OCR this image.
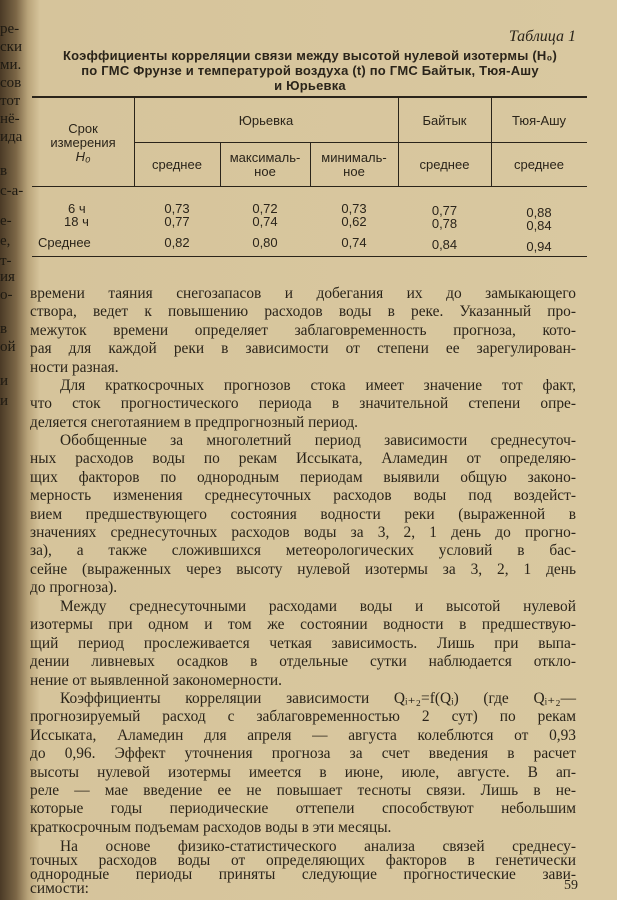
ре-
ски
ми.
сов
тот
нё-
ида
в
с-а-
е-
е,
т-
ия
о-
в
ой
и
и
Таблица 1
Коэффициенты корреляции связи между высотой нулевой изотермы (H₀)
по ГМС Фрунзе и температурой воздуха (t) по ГМС Байтык, Тюя-Ашу
и Юрьевка
Срок
измерения
H₀
Юрьевка	Байтык	Тюя-Ашу
среднее	максималь-
ное
минималь-
ное	среднее	среднее
6 ч	0,73	0,72	0,73	0,77	0,88
18 ч	0,77	0,74	0,62	0,78	0,84
Среднее	0,82	0,80	0,74	0,84	0,94
времени таяния снегозапасов и добегания их до замыкающего
створа, ведет к повышению расходов воды в реке. Указанный про-
межуток времени определяет заблаговременность прогноза, кото-
рая для каждой реки в зависимости от степени ее зарегулирован-
ности разная.
Для краткосрочных прогнозов стока имеет значение тот факт,
что сток прогностического периода в значительной степени опре-
деляется снеготаянием в предпрогнозный период.
Обобщенные за многолетний период зависимости среднесуточ-
ных расходов воды по рекам Иссыката, Аламедин от определяю-
щих факторов по однородным периодам выявили общую законо-
мерность изменения среднесуточных расходов воды под воздейст-
вием предшествующего состояния водности реки (выраженной в
значениях среднесуточных расходов воды за 3, 2, 1 день до прогно-
за), а также сложившихся метеорологических условий в бас-
сейне (выраженных через высоту нулевой изотермы за 3, 2, 1 день
до прогноза).
Между среднесуточными расходами воды и высотой нулевой
изотермы при одном и том же состоянии водности в предшествую-
щий период прослеживается четкая зависимость. Лишь при выпа-
дении ливневых осадков в отдельные сутки наблюдается откло-
нение от выявленной закономерности.
Коэффициенты корреляции зависимости Qᵢ₊₂=f(Qᵢ) (где Qᵢ₊₂—
прогнозируемый расход с заблаговременностью 2 сут) по рекам
Иссыката, Аламедин для апреля — августа колеблются от 0,93
до 0,96. Эффект уточнения прогноза за счет введения в расчет
высоты нулевой изотермы имеется в июне, июле, августе. В ап-
реле — мае введение ее не повышает тесноты связи. Лишь в не-
которые годы периодические оттепели способствуют небольшим
краткосрочным подъемам расходов воды в эти месяцы.
На основе физико-статистического анализа связей среднесу-
точных расходов воды от определяющих факторов в генетически
однородные периоды приняты следующие прогностические зави-
симости:	59
